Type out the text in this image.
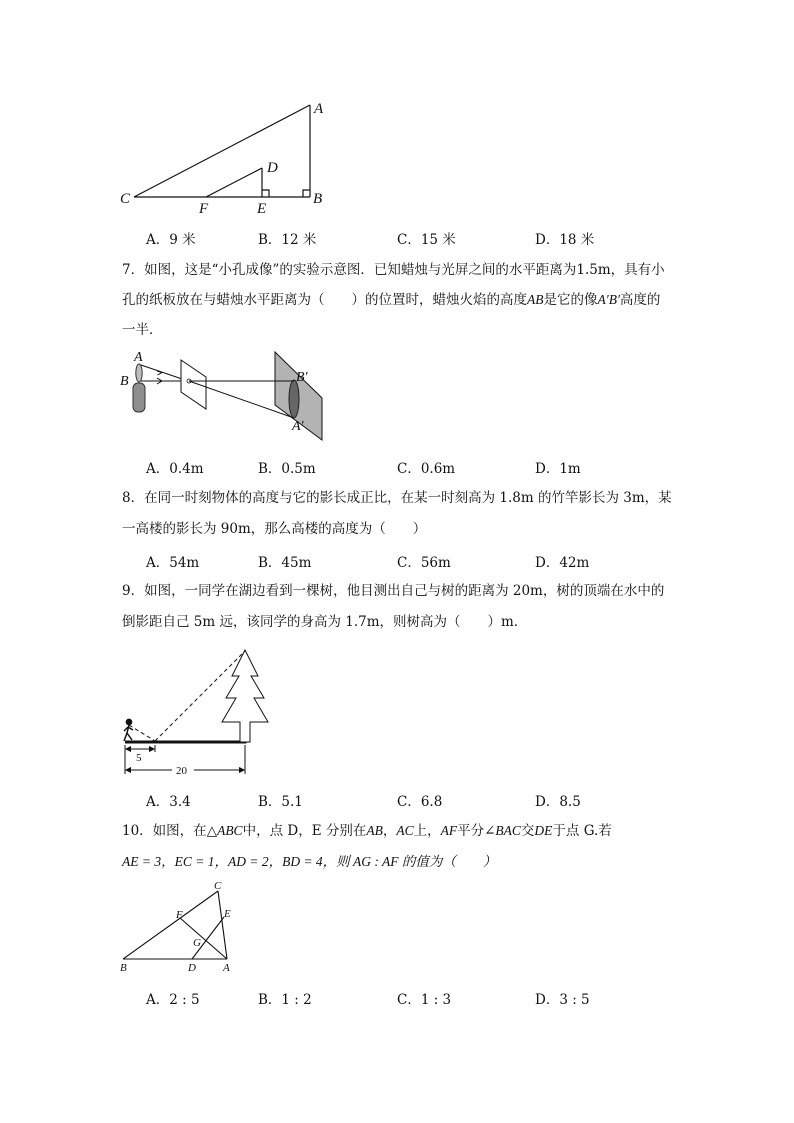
A
B
C
D
E
F
A．9 米	B．12 米	C．15 米	D．18 米
7．如图，这是“小孔成像”的实验示意图．已知蜡烛与光屏之间的水平距离为1.5m，具有小
孔的纸板放在与蜡烛水平距离为（　　）的位置时，蜡烛火焰的高度AB是它的像A′B′高度的
一半．
A
B	B′
A′
A．0.4m	B．0.5m	C．0.6m	D．1m
8．在同一时刻物体的高度与它的影长成正比，在某一时刻高为 1.8m 的竹竿影长为 3m，某
一高楼的影长为 90m，那么高楼的高度为（　　）
A．54m	B．45m	C．56m	D．42m
9．如图，一同学在湖边看到一棵树，他目测出自己与树的距离为 20m，树的顶端在水中的
倒影距自己 5m 远，该同学的身高为 1.7m，则树高为（　　）m．
5
20
A．3.4	B．5.1	C．6.8	D．8.5
10．如图，在△ABC中，点 D，E 分别在AB，AC上，AF平分∠BAC交DE于点 G.若
AE = 3，EC = 1，AD = 2，BD = 4，则 AG : AF 的值为（　　）
A
B
C
D
E
F
G
A．2 : 5	B．1 : 2	C．1 : 3	D．3 : 5
